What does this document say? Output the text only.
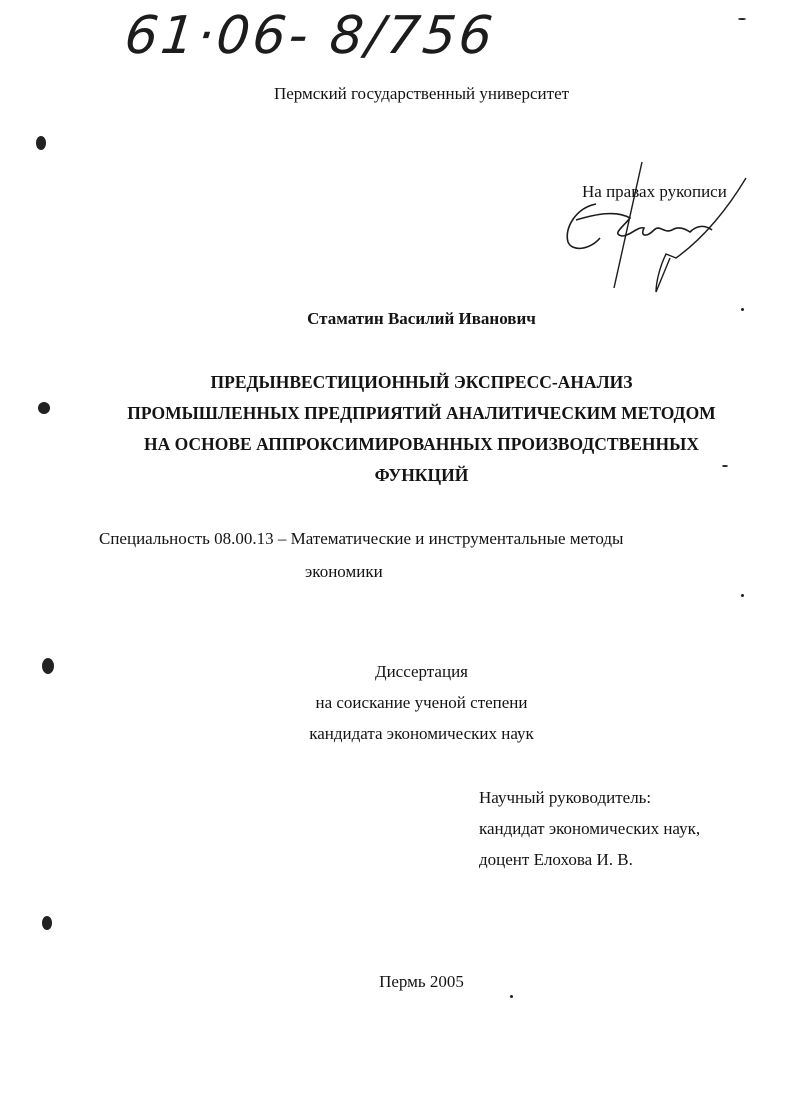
61·06- 8/756
Пермский государственный университет
На правах рукописи
Стаматин Василий Иванович
ПРЕДЫНВЕСТИЦИОННЫЙ ЭКСПРЕСС-АНАЛИЗ
ПРОМЫШЛЕННЫХ ПРЕДПРИЯТИЙ АНАЛИТИЧЕСКИМ МЕТОДОМ
НА ОСНОВЕ АППРОКСИМИРОВАННЫХ ПРОИЗВОДСТВЕННЫХ
ФУНКЦИЙ
Специальность 08.00.13 – Математические и инструментальные методы
экономики
Диссертация
на соискание ученой степени
кандидата экономических наук
Научный руководитель:
кандидат экономических наук,
доцент Елохова И. В.
Пермь 2005
